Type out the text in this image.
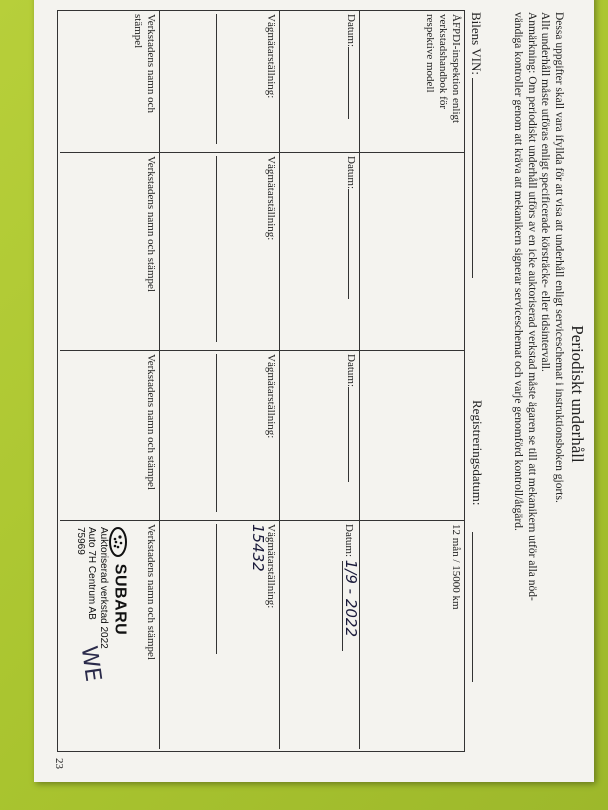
Periodiskt underhåll
Dessa uppgifter skall vara ifyllda för att visa att underhåll enligt serviceschemat i instruktionsboken gjorts.
Allt underhåll måste utföras enligt specificerade körsträcke- eller tidsintervall.
Anmärkning: Om periodiskt underhåll utförs av en icke auktoriserad verkstad måste ägaren se till att mekanikern utför alla nöd-
vändiga kontroller genom att kräva att mekanikern signerar serviceschemat och varje genomförd kontroll/åtgärd.
Bilens VIN:
Registreringsdatum:
ÅFPDI-inspektion enligt verkstadshandbok för respektive modell
Datum:
Vägmätarställning:
Verkstadens namn och stämpel
Datum:
Vägmätarställning:
Verkstadens namn och stämpel
Datum:
Vägmätarställning:
Verkstadens namn och stämpel
12 mån / 15000 km
Datum: 1/9 - 2022
Vägmätarställning:
15432
Verkstadens namn och stämpel
SUBARU
Auktoriserad verkstad 2022
Auto 7H Centrum AB
75969
WE
23
